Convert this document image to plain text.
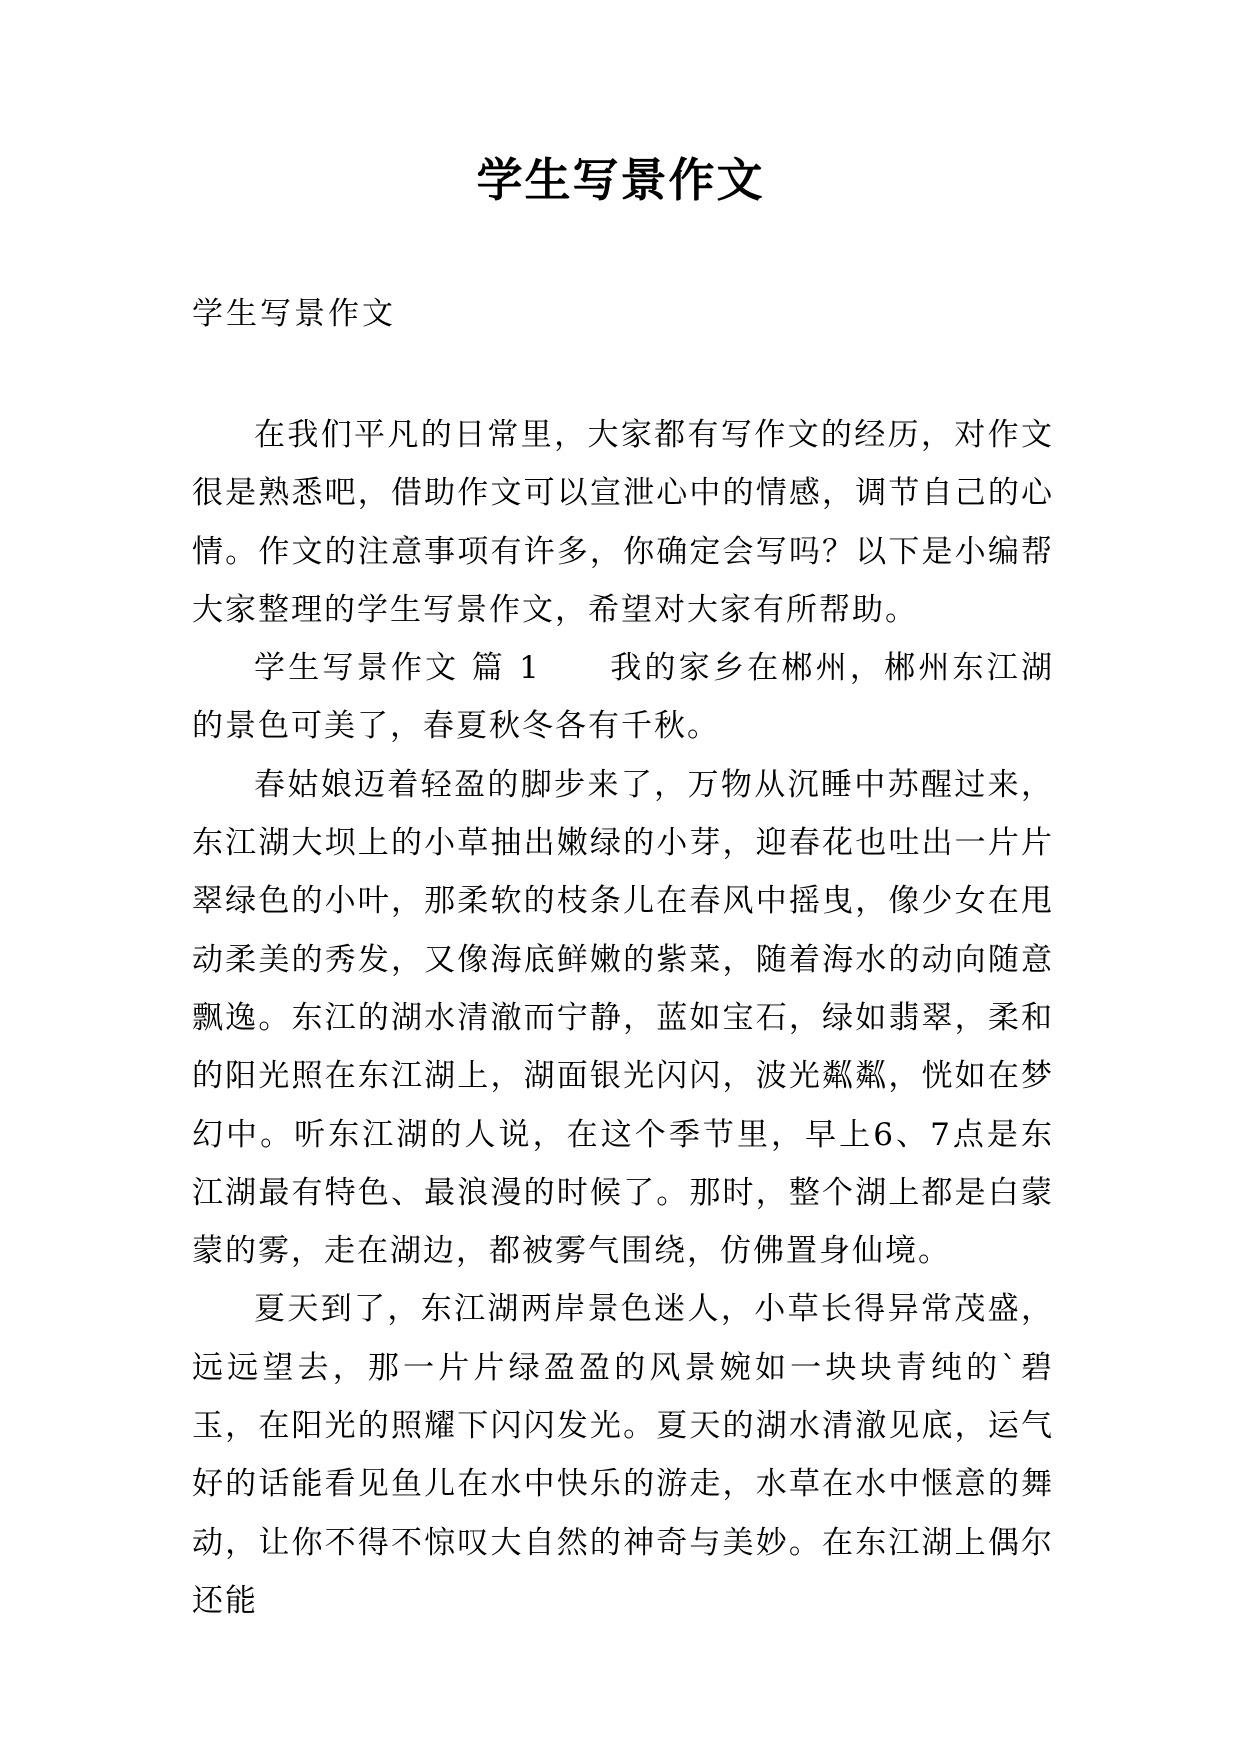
学生写景作文
学生写景作文

在我们平凡的日常里，大家都有写作文的经历，对作文很是熟悉吧，借助作文可以宣泄心中的情感，调节自己的心情。作文的注意事项有许多，你确定会写吗？以下是小编帮大家整理的学生写景作文，希望对大家有所帮助。

学生写景作文 篇 1 我的家乡在郴州，郴州东江湖的景色可美了，春夏秋冬各有千秋。

春姑娘迈着轻盈的脚步来了，万物从沉睡中苏醒过来，东江湖大坝上的小草抽出嫩绿的小芽，迎春花也吐出一片片翠绿色的小叶，那柔软的枝条儿在春风中摇曳，像少女在甩动柔美的秀发，又像海底鲜嫩的紫菜，随着海水的动向随意飘逸。东江的湖水清澈而宁静，蓝如宝石，绿如翡翠，柔和的阳光照在东江湖上，湖面银光闪闪，波光粼粼，恍如在梦幻中。听东江湖的人说，在这个季节里，早上6、7点是东江湖最有特色、最浪漫的时候了。那时，整个湖上都是白蒙蒙的雾，走在湖边，都被雾气围绕，仿佛置身仙境。

夏天到了，东江湖两岸景色迷人，小草长得异常茂盛，远远望去，那一片片绿盈盈的风景婉如一块块青纯的`碧玉，在阳光的照耀下闪闪发光。夏天的湖水清澈见底，运气好的话能看见鱼儿在水中快乐的游走，水草在水中惬意的舞动，让你不得不惊叹大自然的神奇与美妙。在东江湖上偶尔还能
